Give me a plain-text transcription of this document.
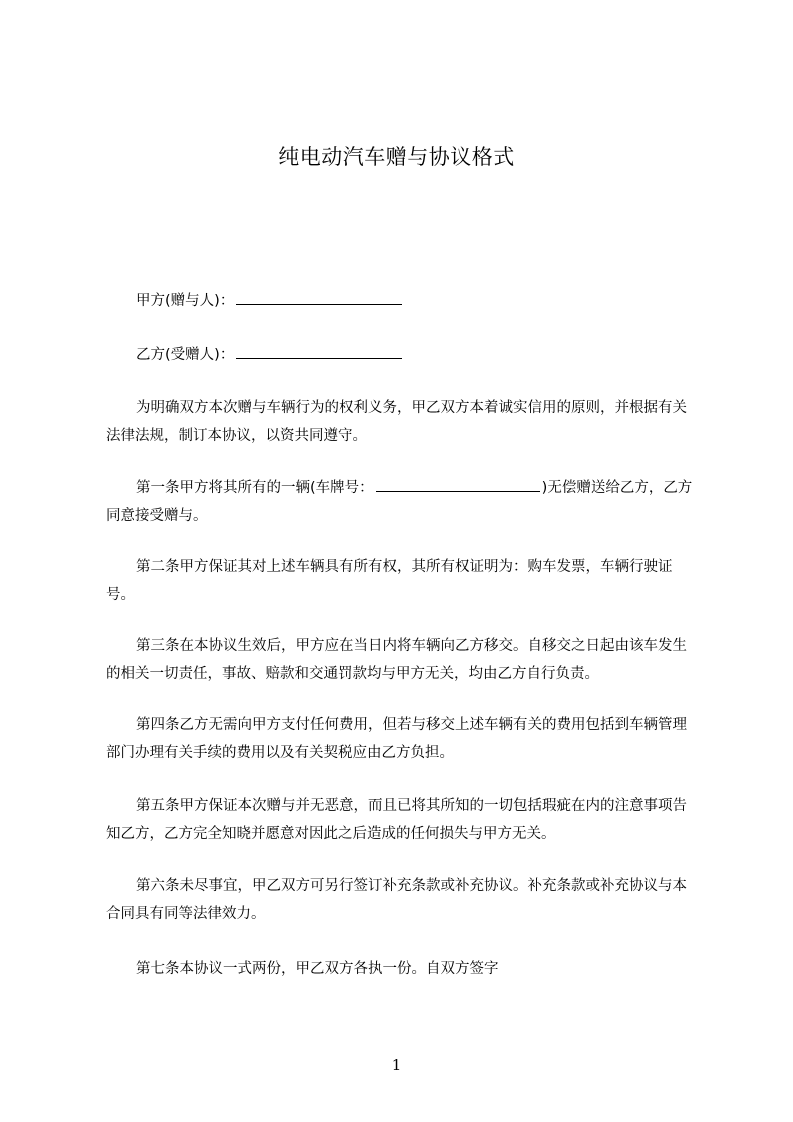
纯电动汽车赠与协议格式

甲方(赠与人)：

乙方(受赠人)：

为明确双方本次赠与车辆行为的权利义务，甲乙双方本着诚实信用的原则，并根据有关法律法规，制订本协议，以资共同遵守。

第一条甲方将其所有的一辆(车牌号：	)无偿赠送给乙方，乙方同意接受赠与。

第二条甲方保证其对上述车辆具有所有权，其所有权证明为：购车发票，车辆行驶证号。

第三条在本协议生效后，甲方应在当日内将车辆向乙方移交。自移交之日起由该车发生的相关一切责任，事故、赔款和交通罚款均与甲方无关，均由乙方自行负责。

第四条乙方无需向甲方支付任何费用，但若与移交上述车辆有关的费用包括到车辆管理部门办理有关手续的费用以及有关契税应由乙方负担。

第五条甲方保证本次赠与并无恶意，而且已将其所知的一切包括瑕疵在内的注意事项告知乙方，乙方完全知晓并愿意对因此之后造成的任何损失与甲方无关。

第六条未尽事宜，甲乙双方可另行签订补充条款或补充协议。补充条款或补充协议与本合同具有同等法律效力。

第七条本协议一式两份，甲乙双方各执一份。自双方签字

1
